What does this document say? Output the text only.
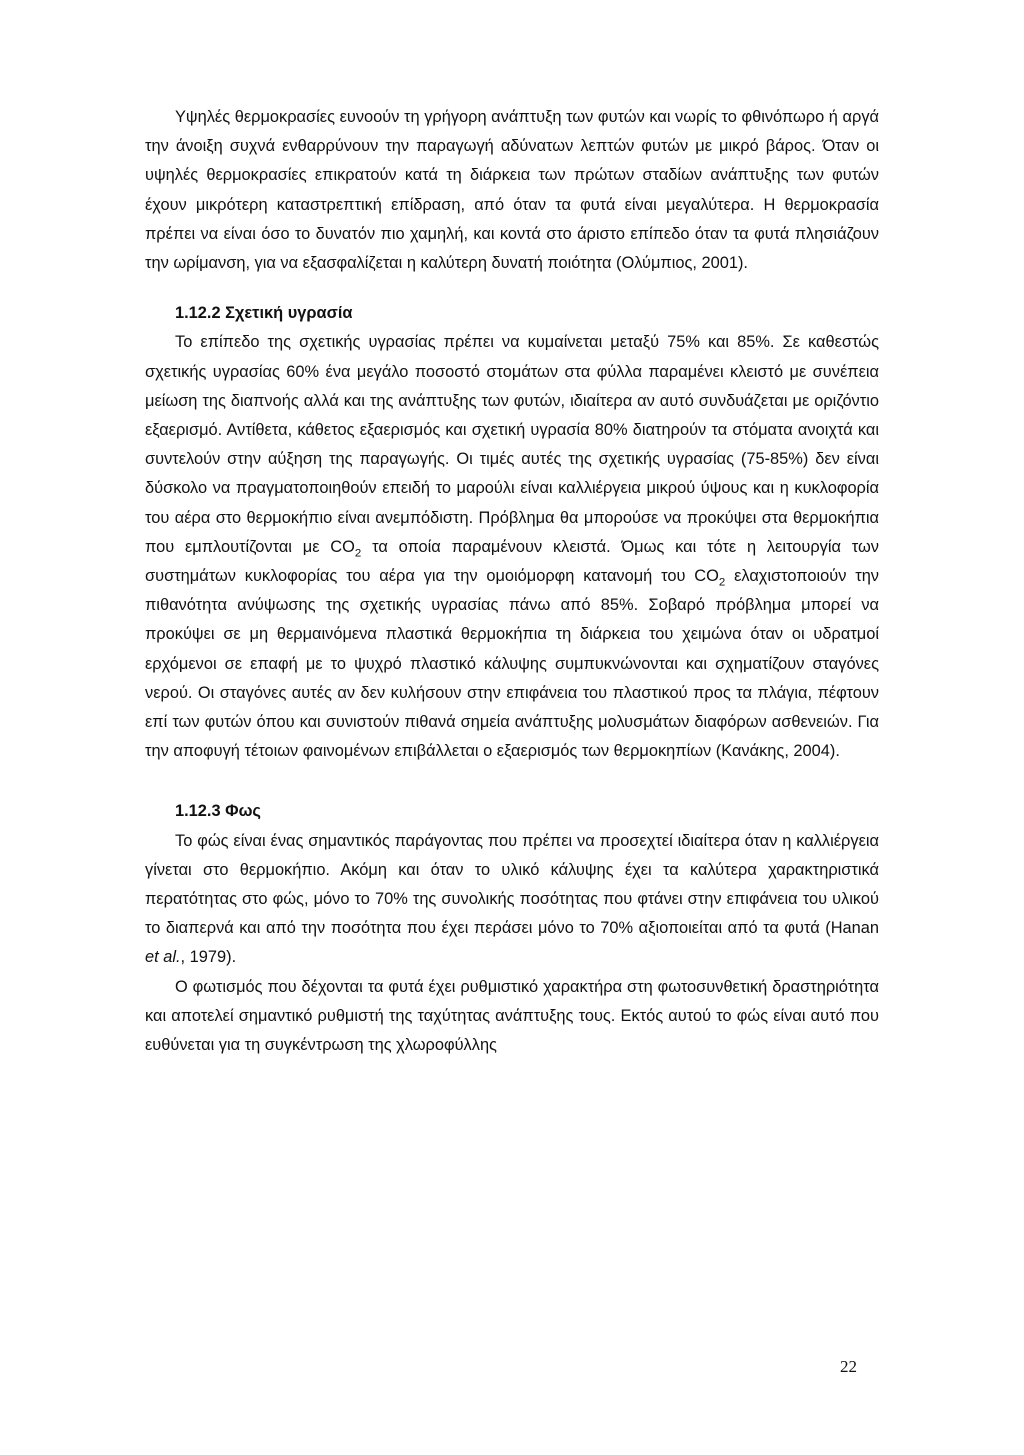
Υψηλές θερμοκρασίες ευνοούν τη γρήγορη ανάπτυξη των φυτών και νωρίς το φθινόπωρο ή αργά την άνοιξη συχνά ενθαρρύνουν την παραγωγή αδύνατων λεπτών φυτών με μικρό βάρος. Όταν οι υψηλές θερμοκρασίες επικρατούν κατά τη διάρκεια των πρώτων σταδίων ανάπτυξης των φυτών έχουν μικρότερη καταστρεπτική επίδραση, από όταν τα φυτά είναι μεγαλύτερα. Η θερμοκρασία πρέπει να είναι όσο το δυνατόν πιο χαμηλή, και κοντά στο άριστο επίπεδο όταν τα φυτά πλησιάζουν την ωρίμανση, για να εξασφαλίζεται η καλύτερη δυνατή ποιότητα (Ολύμπιος, 2001).

1.12.2 Σχετική υγρασία

Το επίπεδο της σχετικής υγρασίας πρέπει να κυμαίνεται μεταξύ 75% και 85%. Σε καθεστώς σχετικής υγρασίας 60% ένα μεγάλο ποσοστό στομάτων στα φύλλα παραμένει κλειστό με συνέπεια μείωση της διαπνοής αλλά και της ανάπτυξης των φυτών, ιδιαίτερα αν αυτό συνδυάζεται με οριζόντιο εξαερισμό. Αντίθετα, κάθετος εξαερισμός και σχετική υγρασία 80% διατηρούν τα στόματα ανοιχτά και συντελούν στην αύξηση της παραγωγής. Οι τιμές αυτές της σχετικής υγρασίας (75-85%) δεν είναι δύσκολο να πραγματοποιηθούν επειδή το μαρούλι είναι καλλιέργεια μικρού ύψους και η κυκλοφορία του αέρα στο θερμοκήπιο είναι ανεμπόδιστη. Πρόβλημα θα μπορούσε να προκύψει στα θερμοκήπια που εμπλουτίζονται με $CO_2$ τα οποία παραμένουν κλειστά. Όμως και τότε η λειτουργία των συστημάτων κυκλοφορίας του αέρα για την ομοιόμορφη κατανομή του $CO_2$ ελαχιστοποιούν την πιθανότητα ανύψωσης της σχετικής υγρασίας πάνω από 85%. Σοβαρό πρόβλημα μπορεί να προκύψει σε μη θερμαινόμενα πλαστικά θερμοκήπια τη διάρκεια του χειμώνα όταν οι υδρατμοί ερχόμενοι σε επαφή με το ψυχρό πλαστικό κάλυψης συμπυκνώνονται και σχηματίζουν σταγόνες νερού. Οι σταγόνες αυτές αν δεν κυλήσουν στην επιφάνεια του πλαστικού προς τα πλάγια, πέφτουν επί των φυτών όπου και συνιστούν πιθανά σημεία ανάπτυξης μολυσμάτων διαφόρων ασθενειών. Για την αποφυγή τέτοιων φαινομένων επιβάλλεται ο εξαερισμός των θερμοκηπίων (Κανάκης, 2004).

1.12.3 Φως

Το φώς είναι ένας σημαντικός παράγοντας που πρέπει να προσεχτεί ιδιαίτερα όταν η καλλιέργεια γίνεται στο θερμοκήπιο. Ακόμη και όταν το υλικό κάλυψης έχει τα καλύτερα χαρακτηριστικά περατότητας στο φώς, μόνο το 70% της συνολικής ποσότητας που φτάνει στην επιφάνεια του υλικού το διαπερνά και από την ποσότητα που έχει περάσει μόνο το 70% αξιοποιείται από τα φυτά (Hanan et al., 1979).

Ο φωτισμός που δέχονται τα φυτά έχει ρυθμιστικό χαρακτήρα στη φωτοσυνθετική δραστηριότητα και αποτελεί σημαντικό ρυθμιστή της ταχύτητας ανάπτυξης τους. Εκτός αυτού το φώς είναι αυτό που ευθύνεται για τη συγκέντρωση της χλωροφύλλης

22
